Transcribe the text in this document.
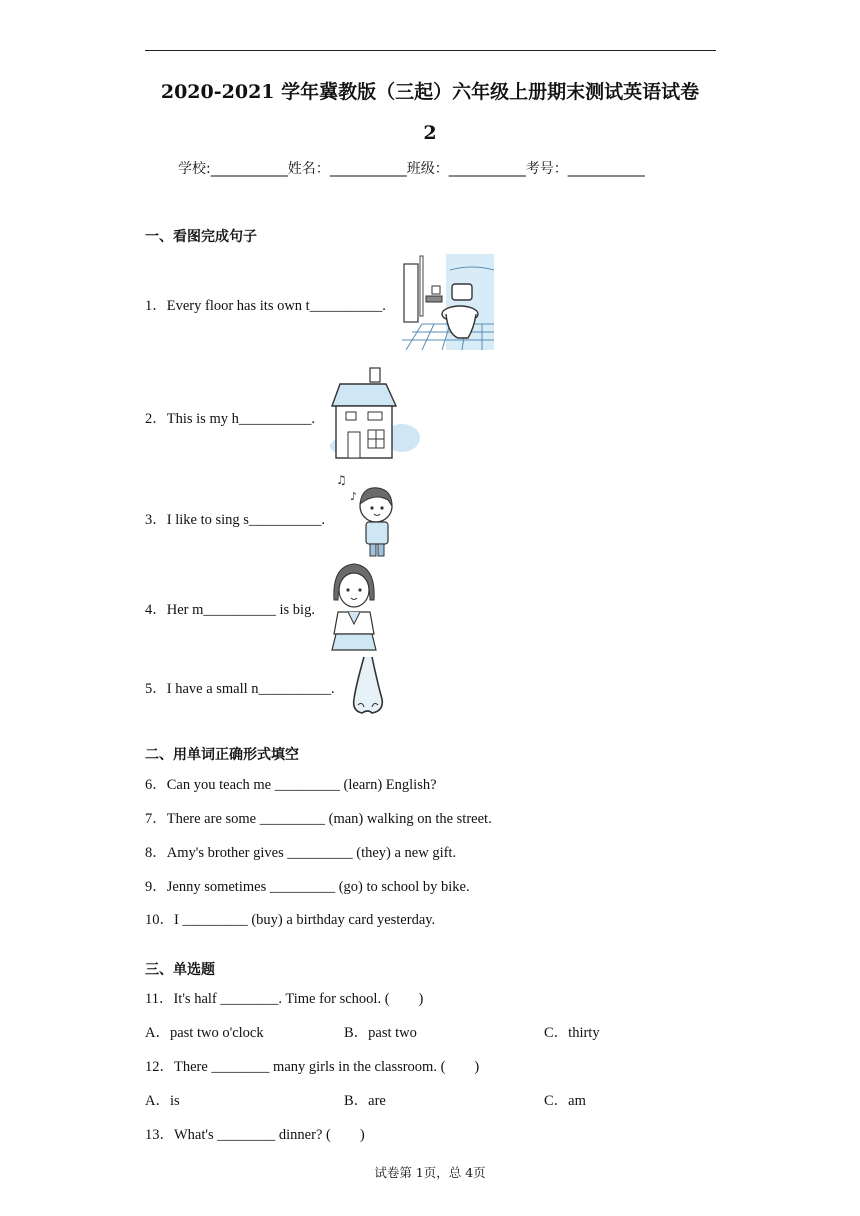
2020-2021 学年冀教版（三起）六年级上册期末测试英语试卷
2
学校:___________姓名：___________班级：___________考号：___________
一、看图完成句子
1．Every floor has its own t__________.
2．This is my h__________.
3．I like to sing s__________.
♫
♪
4．Her m__________ is big.
5．I have a small n__________.
二、用单词正确形式填空
6．Can you teach me _________ (learn) English?
7．There are some _________ (man) walking on the street.
8．Amy's brother gives _________ (they) a new gift.
9．Jenny sometimes _________ (go) to school by bike.
10．I _________ (buy) a birthday card yesterday.
三、单选题
11．It's half ________. Time for school. (　　)
A．past two o'clock	B．past two	C．thirty
12．There ________ many girls in the classroom. (　　)
A．is	B．are	C．am
13．What's ________ dinner? (　　)
试卷第 1页，总 4页
